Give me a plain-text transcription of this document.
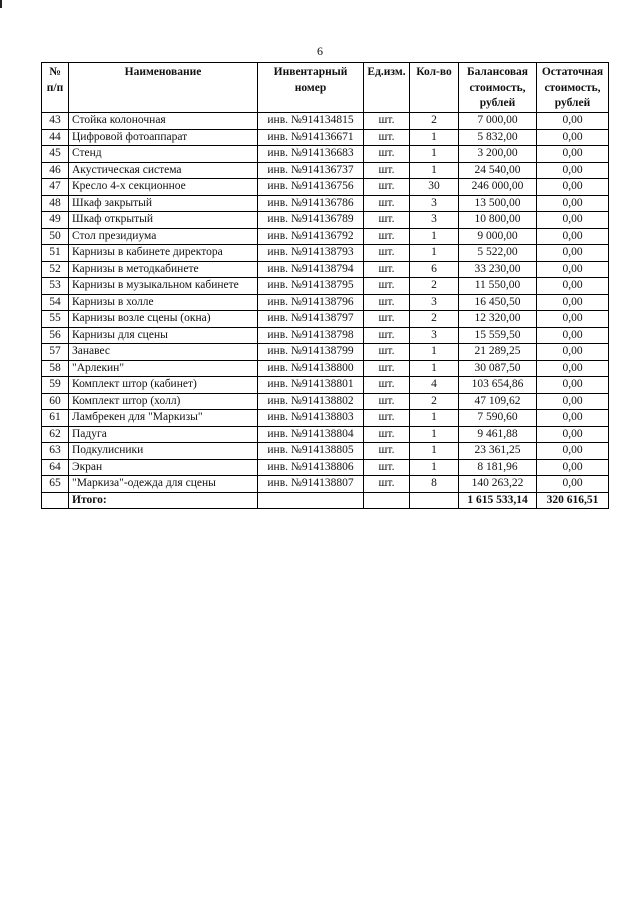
6
№ п/п	Наименование	Инвентарный номер	Ед.изм.	Кол-во	Балансовая стоимость, рублей	Остаточная стоимость, рублей
43	Стойка колоночная	инв. №914134815	шт.	2	7 000,00	0,00
44	Цифровой фотоаппарат	инв. №914136671	шт.	1	5 832,00	0,00
45	Стенд	инв. №914136683	шт.	1	3 200,00	0,00
46	Акустическая система	инв. №914136737	шт.	1	24 540,00	0,00
47	Кресло 4-х секционное	инв. №914136756	шт.	30	246 000,00	0,00
48	Шкаф закрытый	инв. №914136786	шт.	3	13 500,00	0,00
49	Шкаф открытый	инв. №914136789	шт.	3	10 800,00	0,00
50	Стол президиума	инв. №914136792	шт.	1	9 000,00	0,00
51	Карнизы в кабинете директора	инв. №914138793	шт.	1	5 522,00	0,00
52	Карнизы в методкабинете	инв. №914138794	шт.	6	33 230,00	0,00
53	Карнизы в музыкальном кабинете	инв. №914138795	шт.	2	11 550,00	0,00
54	Карнизы в холле	инв. №914138796	шт.	3	16 450,50	0,00
55	Карнизы возле сцены (окна)	инв. №914138797	шт.	2	12 320,00	0,00
56	Карнизы для сцены	инв. №914138798	шт.	3	15 559,50	0,00
57	Занавес	инв. №914138799	шт.	1	21 289,25	0,00
58	"Арлекин"	инв. №914138800	шт.	1	30 087,50	0,00
59	Комплект штор (кабинет)	инв. №914138801	шт.	4	103 654,86	0,00
60	Комплект штор (холл)	инв. №914138802	шт.	2	47 109,62	0,00
61	Ламбрекен для "Маркизы"	инв. №914138803	шт.	1	7 590,60	0,00
62	Падуга	инв. №914138804	шт.	1	9 461,88	0,00
63	Подкулисники	инв. №914138805	шт.	1	23 361,25	0,00
64	Экран	инв. №914138806	шт.	1	8 181,96	0,00
65	"Маркиза"-одежда для сцены	инв. №914138807	шт.	8	140 263,22	0,00
	Итого:				1 615 533,14	320 616,51
